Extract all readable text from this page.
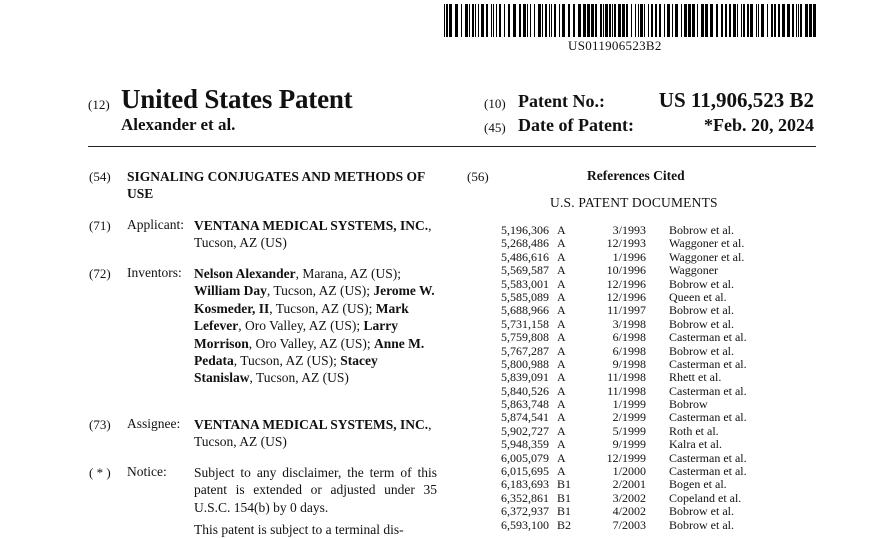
US011906523B2
(12) United States Patent
Alexander et al.
(10) Patent No.:	US 11,906,523 B2
(45) Date of Patent:	*Feb. 20, 2024
(54) SIGNALING CONJUGATES AND METHODS OF USE
(71) Applicant: VENTANA MEDICAL SYSTEMS, INC., Tucson, AZ (US)
(72) Inventors: Nelson Alexander, Marana, AZ (US); William Day, Tucson, AZ (US); Jerome W. Kosmeder, II, Tucson, AZ (US); Mark Lefever, Oro Valley, AZ (US); Larry Morrison, Oro Valley, AZ (US); Anne M. Pedata, Tucson, AZ (US); Stacey Stanislaw, Tucson, AZ (US)
(73) Assignee: VENTANA MEDICAL SYSTEMS, INC., Tucson, AZ (US)
( * ) Notice: Subject to any disclaimer, the term of this patent is extended or adjusted under 35 U.S.C. 154(b) by 0 days.
This patent is subject to a terminal dis-
(56)	References Cited
U.S. PATENT DOCUMENTS
5,196,306 A	3/1993 Bobrow et al.
5,268,486 A	12/1993 Waggoner et al.
5,486,616 A	1/1996 Waggoner et al.
5,569,587 A	10/1996 Waggoner
5,583,001 A	12/1996 Bobrow et al.
5,585,089 A	12/1996 Queen et al.
5,688,966 A	11/1997 Bobrow et al.
5,731,158 A	3/1998 Bobrow et al.
5,759,808 A	6/1998 Casterman et al.
5,767,287 A	6/1998 Bobrow et al.
5,800,988 A	9/1998 Casterman et al.
5,839,091 A	11/1998 Rhett et al.
5,840,526 A	11/1998 Casterman et al.
5,863,748 A	1/1999 Bobrow
5,874,541 A	2/1999 Casterman et al.
5,902,727 A	5/1999 Roth et al.
5,948,359 A	9/1999 Kalra et al.
6,005,079 A	12/1999 Casterman et al.
6,015,695 A	1/2000 Casterman et al.
6,183,693 B1	2/2001 Bogen et al.
6,352,861 B1	3/2002 Copeland et al.
6,372,937 B1	4/2002 Bobrow et al.
6,593,100 B2	7/2003 Bobrow et al.
